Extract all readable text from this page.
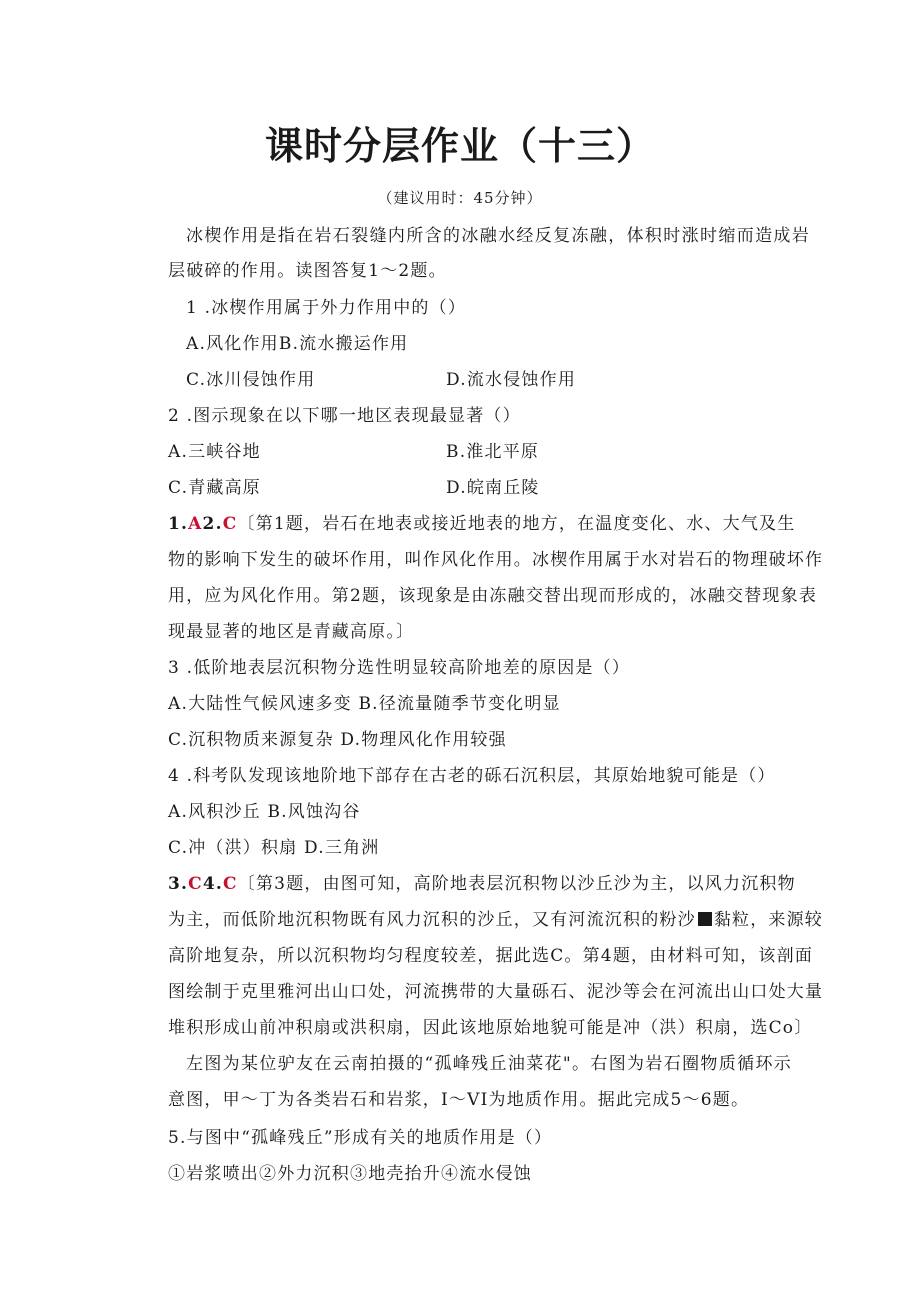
课时分层作业（十三）
（建议用时：45分钟）
冰楔作用是指在岩石裂缝内所含的冰融水经反复冻融，体积时涨时缩而造成岩
层破碎的作用。读图答复1～2题。
1 .冰楔作用属于外力作用中的（）
A.风化作用B.流水搬运作用
C.冰川侵蚀作用	D.流水侵蚀作用
2 .图示现象在以下哪一地区表现最显著（）
A.三峡谷地	B.淮北平原
C.青藏高原	D.皖南丘陵
1.A2.C〔第1题，岩石在地表或接近地表的地方，在温度变化、水、大气及生
物的影响下发生的破坏作用，叫作风化作用。冰楔作用属于水对岩石的物理破坏作
用，应为风化作用。第2题，该现象是由冻融交替出现而形成的，冰融交替现象表
现最显著的地区是青藏高原。〕
3 .低阶地表层沉积物分选性明显较高阶地差的原因是（）
A.大陆性气候风速多变 B.径流量随季节变化明显
C.沉积物质来源复杂 D.物理风化作用较强
4 .科考队发现该地阶地下部存在古老的砾石沉积层，其原始地貌可能是（）
A.风积沙丘 B.风蚀沟谷
C.冲（洪）积扇 D.三角洲
3.C4.C〔第3题，由图可知，高阶地表层沉积物以沙丘沙为主，以风力沉积物
为主，而低阶地沉积物既有风力沉积的沙丘，又有河流沉积的粉沙 黏粒，来源较
高阶地复杂，所以沉积物均匀程度较差，据此选C。第4题，由材料可知，该剖面
图绘制于克里雅河出山口处，河流携带的大量砾石、泥沙等会在河流出山口处大量
堆积形成山前冲积扇或洪积扇，因此该地原始地貌可能是冲（洪）积扇，选Co〕
左图为某位驴友在云南拍摄的“孤峰残丘油菜花"。右图为岩石圈物质循环示
意图，甲～丁为各类岩石和岩浆，I～VI为地质作用。据此完成5～6题。
5.与图中“孤峰残丘”形成有关的地质作用是（）
①岩浆喷出②外力沉积③地壳抬升④流水侵蚀
